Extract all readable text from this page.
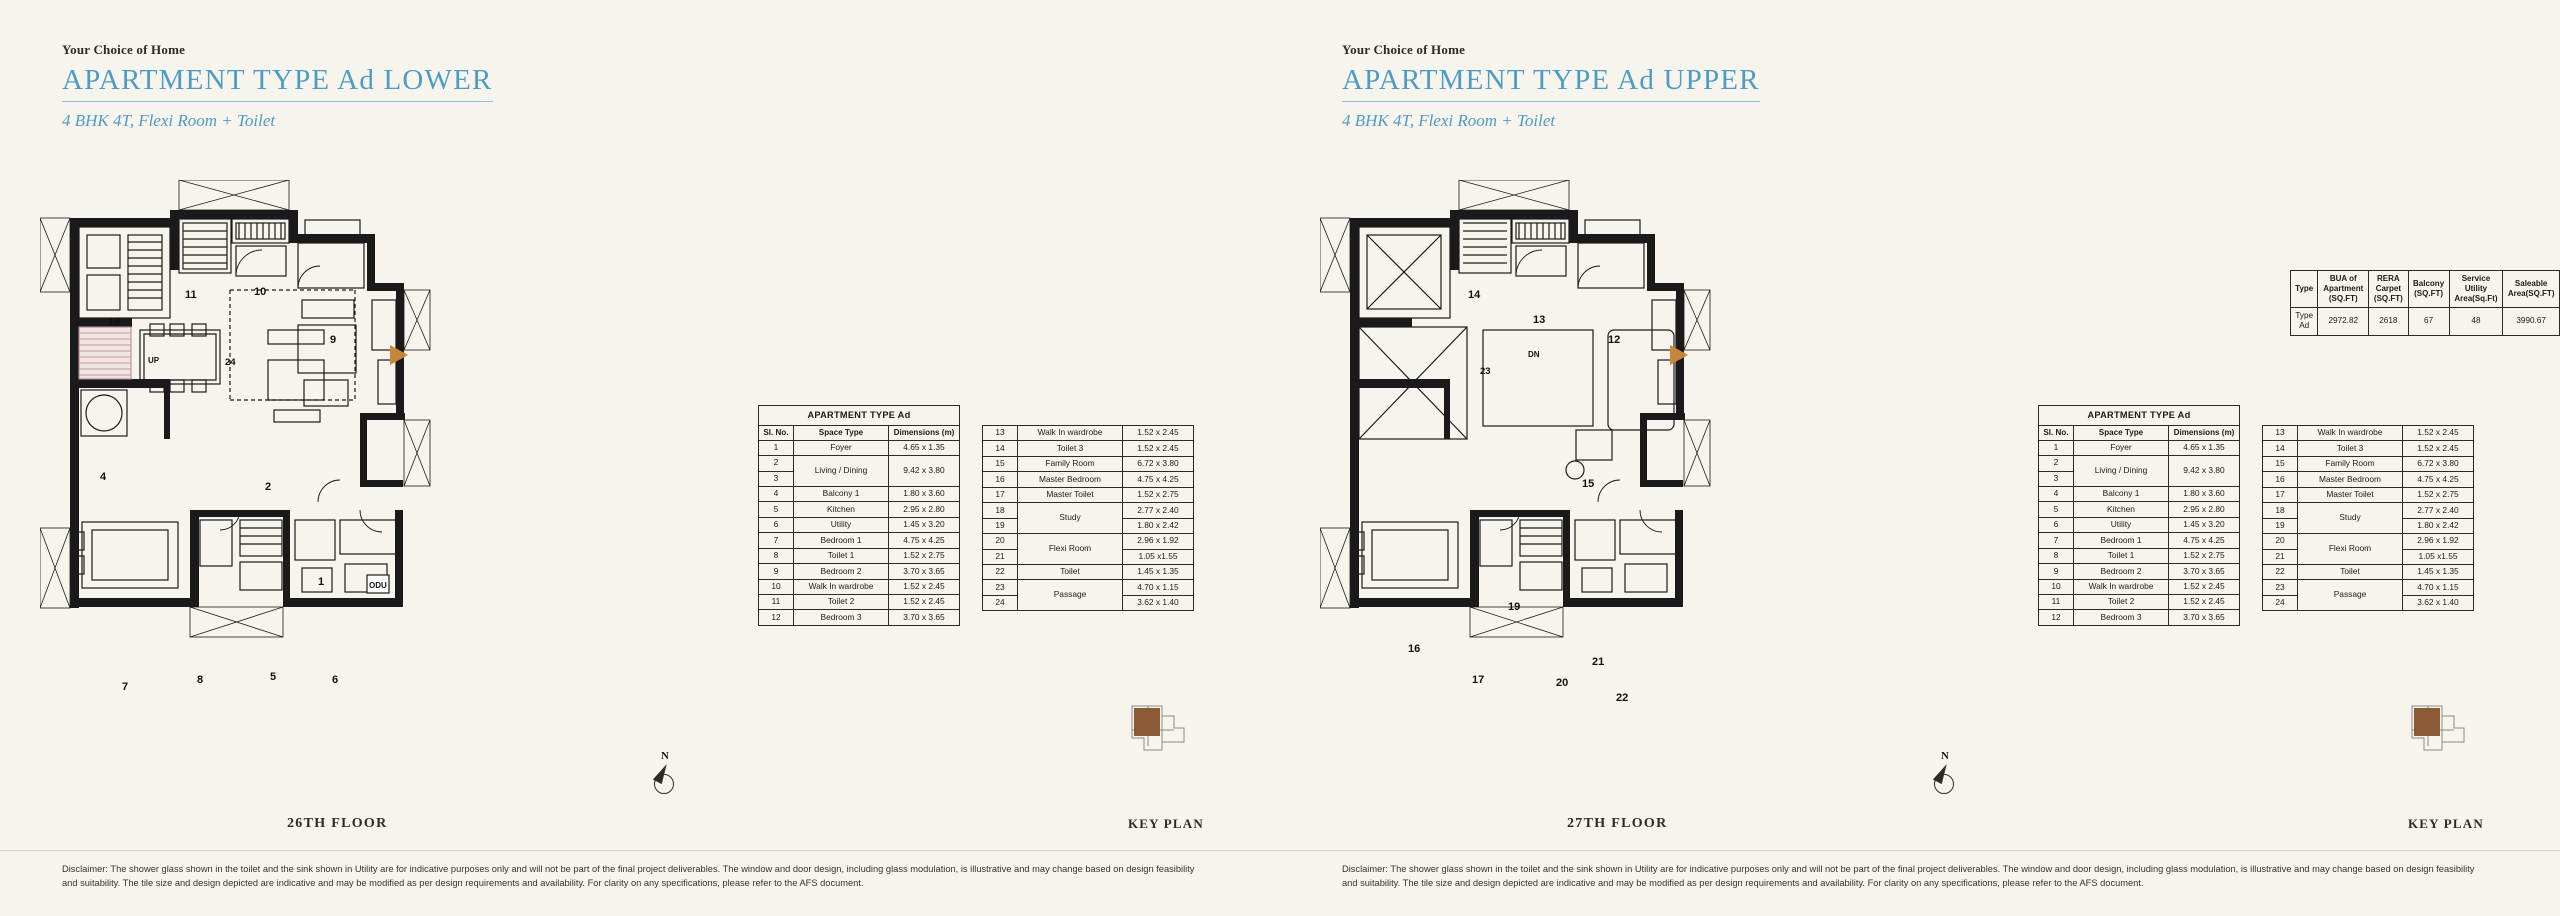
Your Choice of Home
APARTMENT TYPE Ad LOWER
4 BHK 4T, Flexi Room + Toilet
18
11	10
9
24
UP
4
2
1
7
8	5	6
ODU
N
26TH FLOOR
APARTMENT TYPE Ad		
Sl. No.	Space Type	Dimensions (m)
1	Foyer	4.65 x 1.35
2	Living / Dining	9.42 x 3.80
3		
4	Balcony 1	1.80 x 3.60
5	Kitchen	2.95 x 2.80
6	Utility	1.45 x 3.20
7	Bedroom 1	4.75 x 4.25
8	Toilet 1	1.52 x 2.75
9	Bedroom 2	3.70 x 3.65
10	Walk In wardrobe	1.52 x 2.45
11	Toilet 2	1.52 x 2.45
12	Bedroom 3	3.70 x 3.65
13	Walk In wardrobe	1.52 x 2.45
14	Toilet 3	1.52 x 2.45
15	Family Room	6.72 x 3.80
16	Master Bedroom	4.75 x 4.25
17	Master Toilet	1.52 x 2.75
18	Study	2.77 x 2.40
19		1.80 x 2.42
20	Flexi Room	2.96 x 1.92
21		1.05 x1.55
22	Toilet	1.45 x 1.35
23	Passage	4.70 x 1.15
24		3.62 x 1.40
KEY PLAN
Disclaimer: The shower glass shown in the toilet and the sink shown in Utility are for indicative purposes only and will not be part of the final project deliverables. The window and door design, including glass modulation, is illustrative and may change based on design feasibility and suitability. The tile size and design depicted are indicative and may be modified as per design requirements and availability. For clarity on any specifications, please refer to the AFS document.
Your Choice of Home
APARTMENT TYPE Ad UPPER
4 BHK 4T, Flexi Room + Toilet
Type	BUA of Apartment (SQ.FT)	RERA Carpet (SQ.FT)	Balcony (SQ.FT)	Service Utility Area(Sq.Ft)	Saleable Area(SQ.FT)
Type Ad	2972.82	2618	67	48	3990.67
14
13
12
23
DN
15
19
16
17	20
21
22
N
27TH FLOOR
APARTMENT TYPE Ad		
Sl. No.	Space Type	Dimensions (m)
1	Foyer	4.65 x 1.35
2	Living / Dining	9.42 x 3.80
3		
4	Balcony 1	1.80 x 3.60
5	Kitchen	2.95 x 2.80
6	Utility	1.45 x 3.20
7	Bedroom 1	4.75 x 4.25
8	Toilet 1	1.52 x 2.75
9	Bedroom 2	3.70 x 3.65
10	Walk In wardrobe	1.52 x 2.45
11	Toilet 2	1.52 x 2.45
12	Bedroom 3	3.70 x 3.65
13	Walk In wardrobe	1.52 x 2.45
14	Toilet 3	1.52 x 2.45
15	Family Room	6.72 x 3.80
16	Master Bedroom	4.75 x 4.25
17	Master Toilet	1.52 x 2.75
18	Study	2.77 x 2.40
19		1.80 x 2.42
20	Flexi Room	2.96 x 1.92
21		1.05 x1.55
22	Toilet	1.45 x 1.35
23	Passage	4.70 x 1.15
24		3.62 x 1.40
KEY PLAN
Disclaimer: The shower glass shown in the toilet and the sink shown in Utility are for indicative purposes only and will not be part of the final project deliverables. The window and door design, including glass modulation, is illustrative and may change based on design feasibility and suitability. The tile size and design depicted are indicative and may be modified as per design requirements and availability. For clarity on any specifications, please refer to the AFS document.
